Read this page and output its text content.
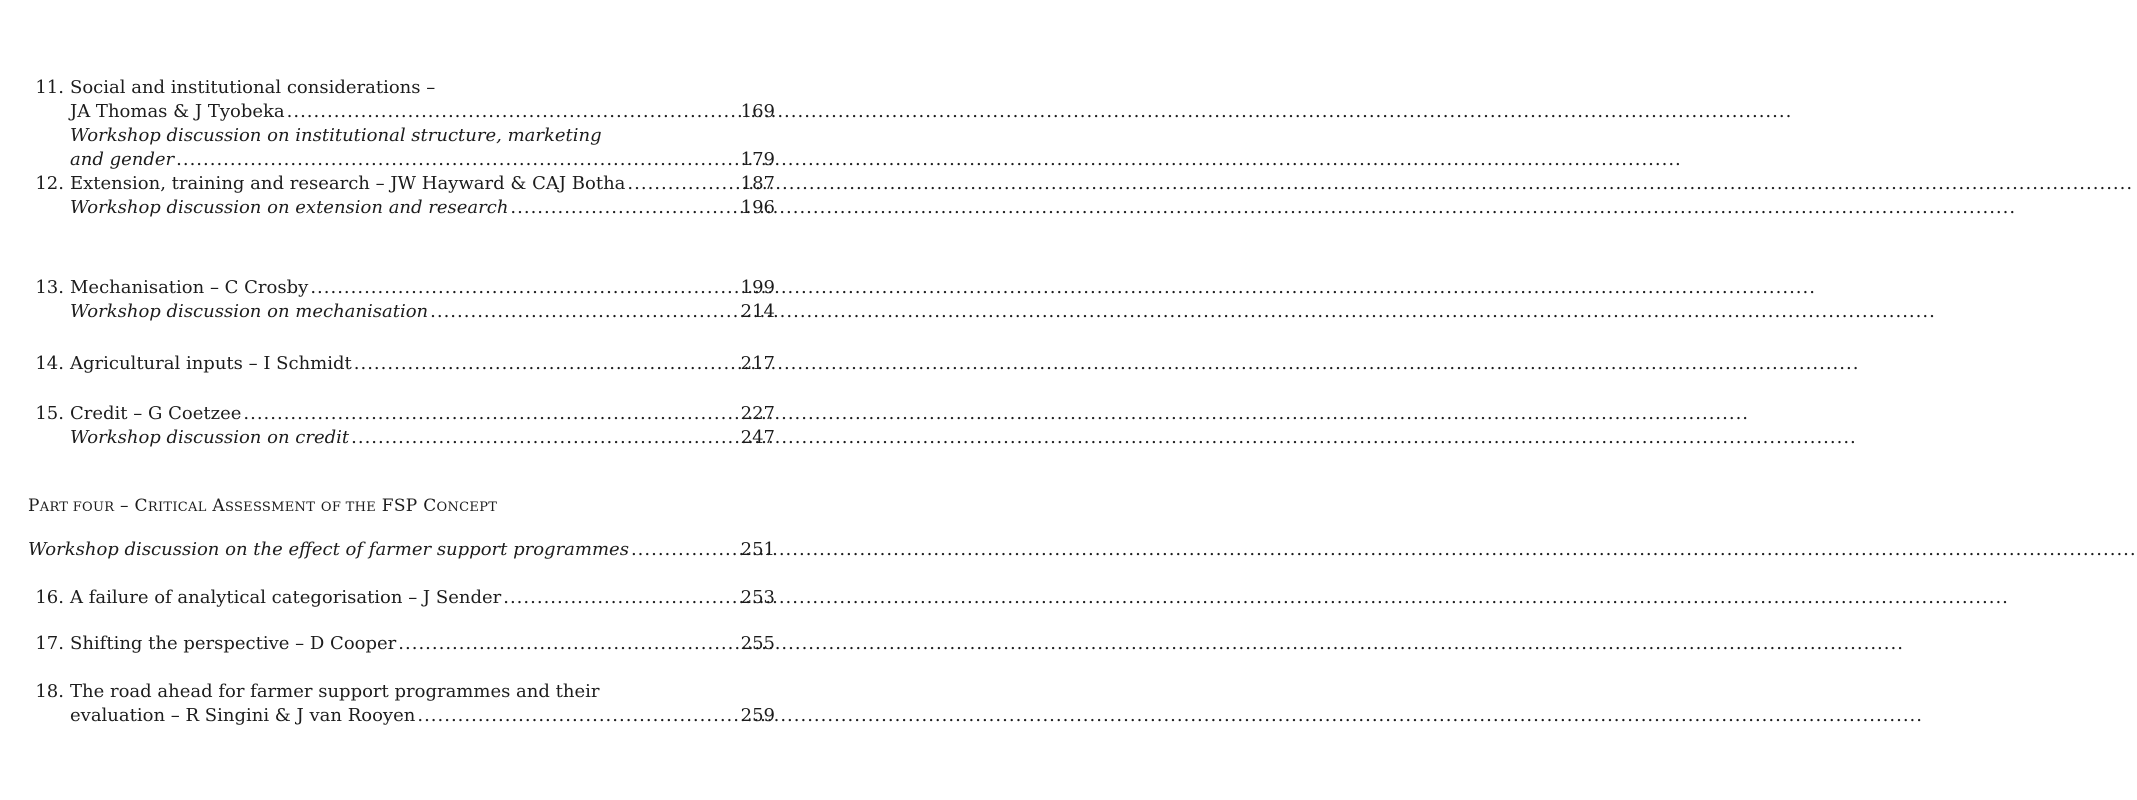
11. Social and institutional considerations –
JA Thomas & J Tyobeka .....	169
Workshop discussion on institutional structure, marketing
and gender .....	179
12. Extension, training and research – JW Hayward & CAJ Botha .....	187
Workshop discussion on extension and research .....	196
13. Mechanisation – C Crosby .....	199
Workshop discussion on mechanisation .....	214
14. Agricultural inputs – I Schmidt .....	217
15. Credit – G Coetzee .....	227
Workshop discussion on credit .....	247
PART FOUR – CRITICAL ASSESSMENT OF THE FSP CONCEPT
Workshop discussion on the effect of farmer support programmes .....	251
16. A failure of analytical categorisation – J Sender .....	253
17. Shifting the perspective – D Cooper .....	255
18. The road ahead for farmer support programmes and their
evaluation – R Singini & J van Rooyen .....	259
